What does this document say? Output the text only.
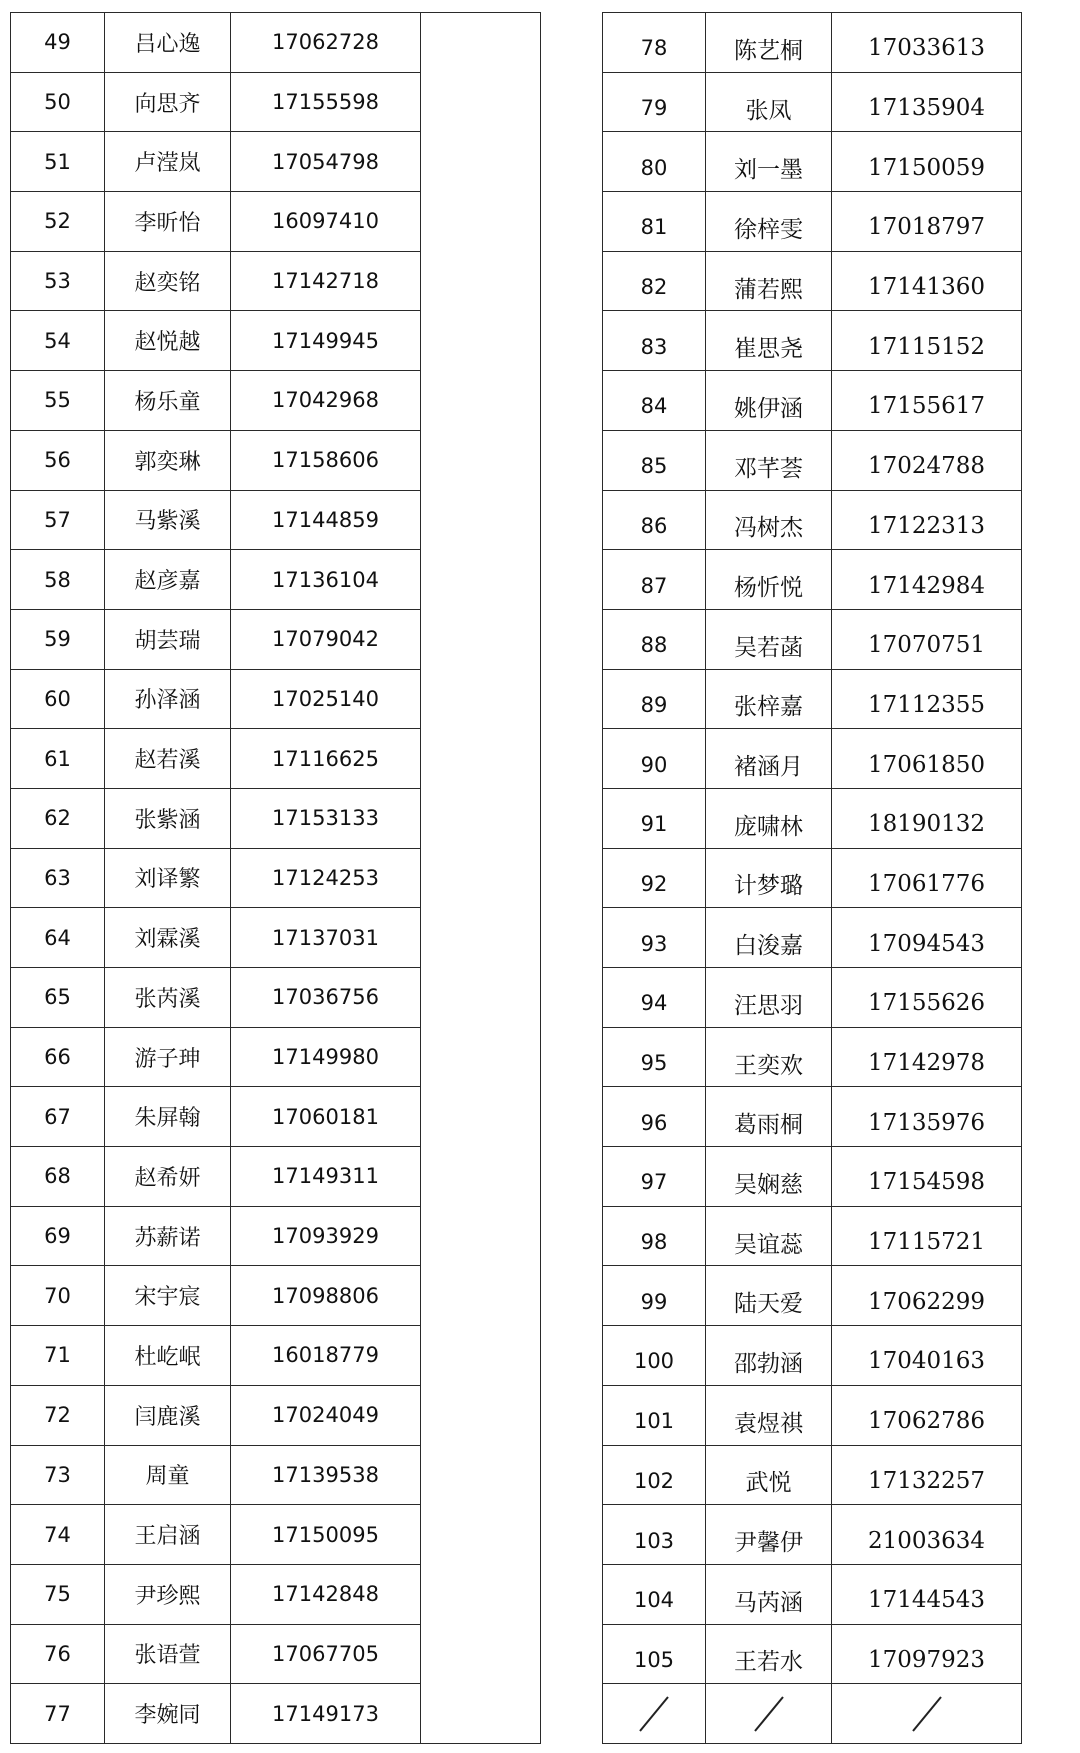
49	吕心逸	17062728	
50	向思齐	17155598	
51	卢滢岚	17054798	
52	李昕怡	16097410	
53	赵奕铭	17142718	
54	赵悦越	17149945	
55	杨乐童	17042968	
56	郭奕琳	17158606	
57	马紫溪	17144859	
58	赵彦嘉	17136104	
59	胡芸瑞	17079042	
60	孙泽涵	17025140	
61	赵若溪	17116625	
62	张紫涵	17153133	
63	刘译繁	17124253	
64	刘霖溪	17137031	
65	张芮溪	17036756	
66	游子珅	17149980	
67	朱屏翰	17060181	
68	赵希妍	17149311	
69	苏薪诺	17093929	
70	宋宇宸	17098806	
71	杜屹岷	16018779	
72	闫鹿溪	17024049	
73	周童	17139538	
74	王启涵	17150095	
75	尹珍熙	17142848	
76	张语萱	17067705	
77	李婉同	17149173	
78	陈艺桐	17033613
79	张凤	17135904
80	刘一墨	17150059
81	徐梓雯	17018797
82	蒲若熙	17141360
83	崔思尧	17115152
84	姚伊涵	17155617
85	邓芊荟	17024788
86	冯树杰	17122313
87	杨忻悦	17142984
88	吴若菡	17070751
89	张梓嘉	17112355
90	褚涵月	17061850
91	庞啸林	18190132
92	计梦璐	17061776
93	白浚嘉	17094543
94	汪思羽	17155626
95	王奕欢	17142978
96	葛雨桐	17135976
97	吴娴慈	17154598
98	吴谊蕊	17115721
99	陆天爱	17062299
100	邵勃涵	17040163
101	袁煜祺	17062786
102	武悦	17132257
103	尹馨伊	21003634
104	马芮涵	17144543
105	王若水	17097923
